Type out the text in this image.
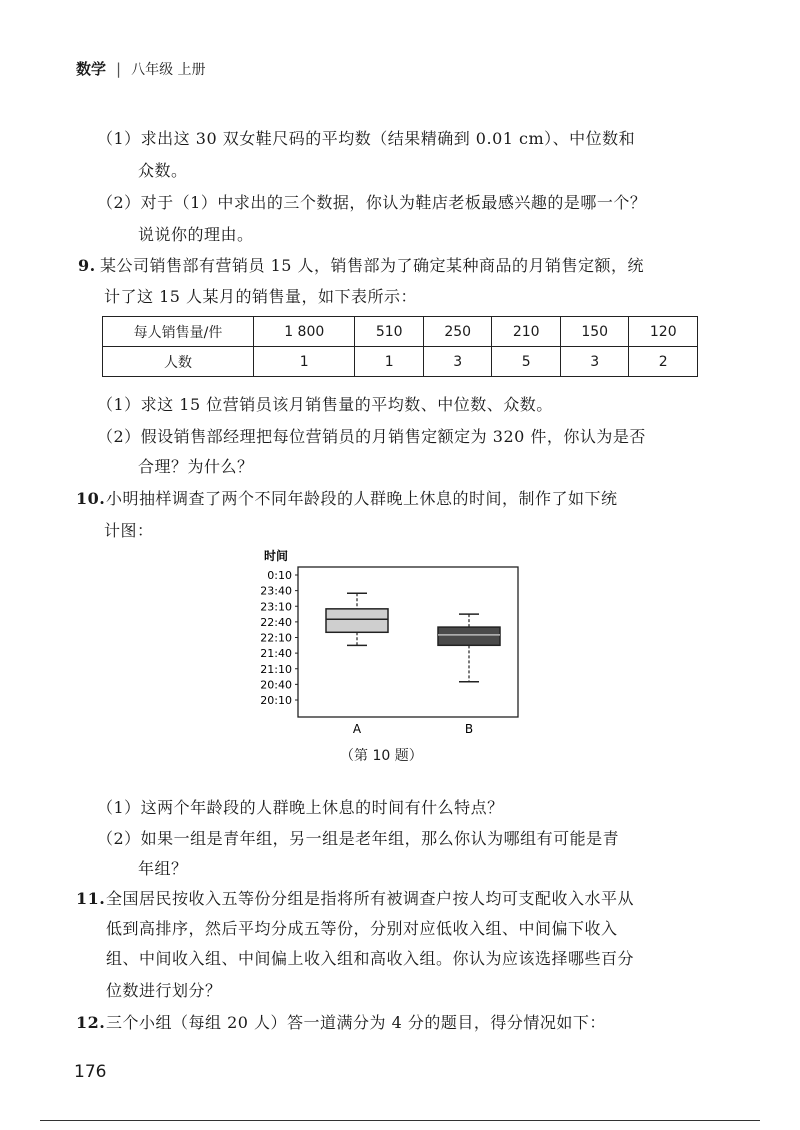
数学 | 八年级 上册
（1）求出这 30 双女鞋尺码的平均数（结果精确到 0.01 cm）、中位数和
众数。
（2）对于（1）中求出的三个数据，你认为鞋店老板最感兴趣的是哪一个？
说说你的理由。
9. 某公司销售部有营销员 15 人，销售部为了确定某种商品的月销售定额，统
计了这 15 人某月的销售量，如下表所示：
每人销售量/件	1 800	510	250	210	150	120
人数	1	1	3	5	3	2
（1）求这 15 位营销员该月销售量的平均数、中位数、众数。
（2）假设销售部经理把每位营销员的月销售定额定为 320 件，你认为是否
合理？为什么？
10.小明抽样调查了两个不同年龄段的人群晚上休息的时间，制作了如下统
计图：
时间
0:10
23:40
23:10
22:40
22:10
21:40
21:10
20:40
20:10
A	B
（第 10 题）
（1）这两个年龄段的人群晚上休息的时间有什么特点？
（2）如果一组是青年组，另一组是老年组，那么你认为哪组有可能是青
年组？
11.全国居民按收入五等份分组是指将所有被调查户按人均可支配收入水平从
低到高排序，然后平均分成五等份，分别对应低收入组、中间偏下收入
组、中间收入组、中间偏上收入组和高收入组。你认为应该选择哪些百分
位数进行划分？
12.三个小组（每组 20 人）答一道满分为 4 分的题目，得分情况如下：
176
